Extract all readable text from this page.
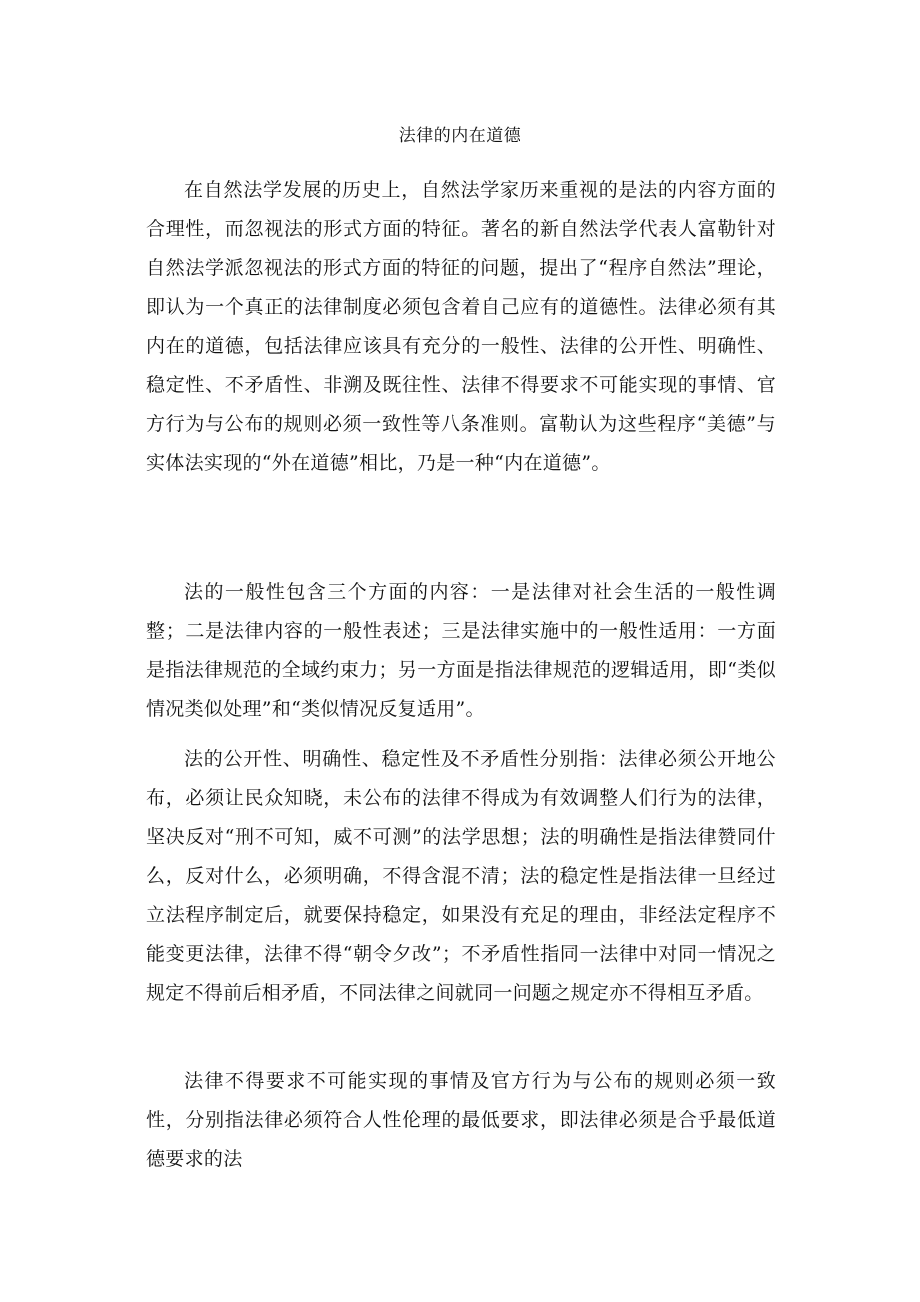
法律的内在道德

在自然法学发展的历史上，自然法学家历来重视的是法的内容方面的合理性，而忽视法的形式方面的特征。著名的新自然法学代表人富勒针对自然法学派忽视法的形式方面的特征的问题，提出了“程序自然法”理论，即认为一个真正的法律制度必须包含着自己应有的道德性。法律必须有其内在的道德，包括法律应该具有充分的一般性、法律的公开性、明确性、稳定性、不矛盾性、非溯及既往性、法律不得要求不可能实现的事情、官方行为与公布的规则必须一致性等八条准则。富勒认为这些程序“美德”与实体法实现的“外在道德”相比，乃是一种“内在道德”。

法的一般性包含三个方面的内容：一是法律对社会生活的一般性调整；二是法律内容的一般性表述；三是法律实施中的一般性适用：一方面是指法律规范的全域约束力；另一方面是指法律规范的逻辑适用，即“类似情况类似处理”和“类似情况反复适用”。

法的公开性、明确性、稳定性及不矛盾性分别指：法律必须公开地公布，必须让民众知晓，未公布的法律不得成为有效调整人们行为的法律，坚决反对“刑不可知，威不可测”的法学思想；法的明确性是指法律赞同什么，反对什么，必须明确，不得含混不清；法的稳定性是指法律一旦经过立法程序制定后，就要保持稳定，如果没有充足的理由，非经法定程序不能变更法律，法律不得“朝令夕改”；不矛盾性指同一法律中对同一情况之规定不得前后相矛盾，不同法律之间就同一问题之规定亦不得相互矛盾。

法律不得要求不可能实现的事情及官方行为与公布的规则必须一致性，分别指法律必须符合人性伦理的最低要求，即法律必须是合乎最低道德要求的法
